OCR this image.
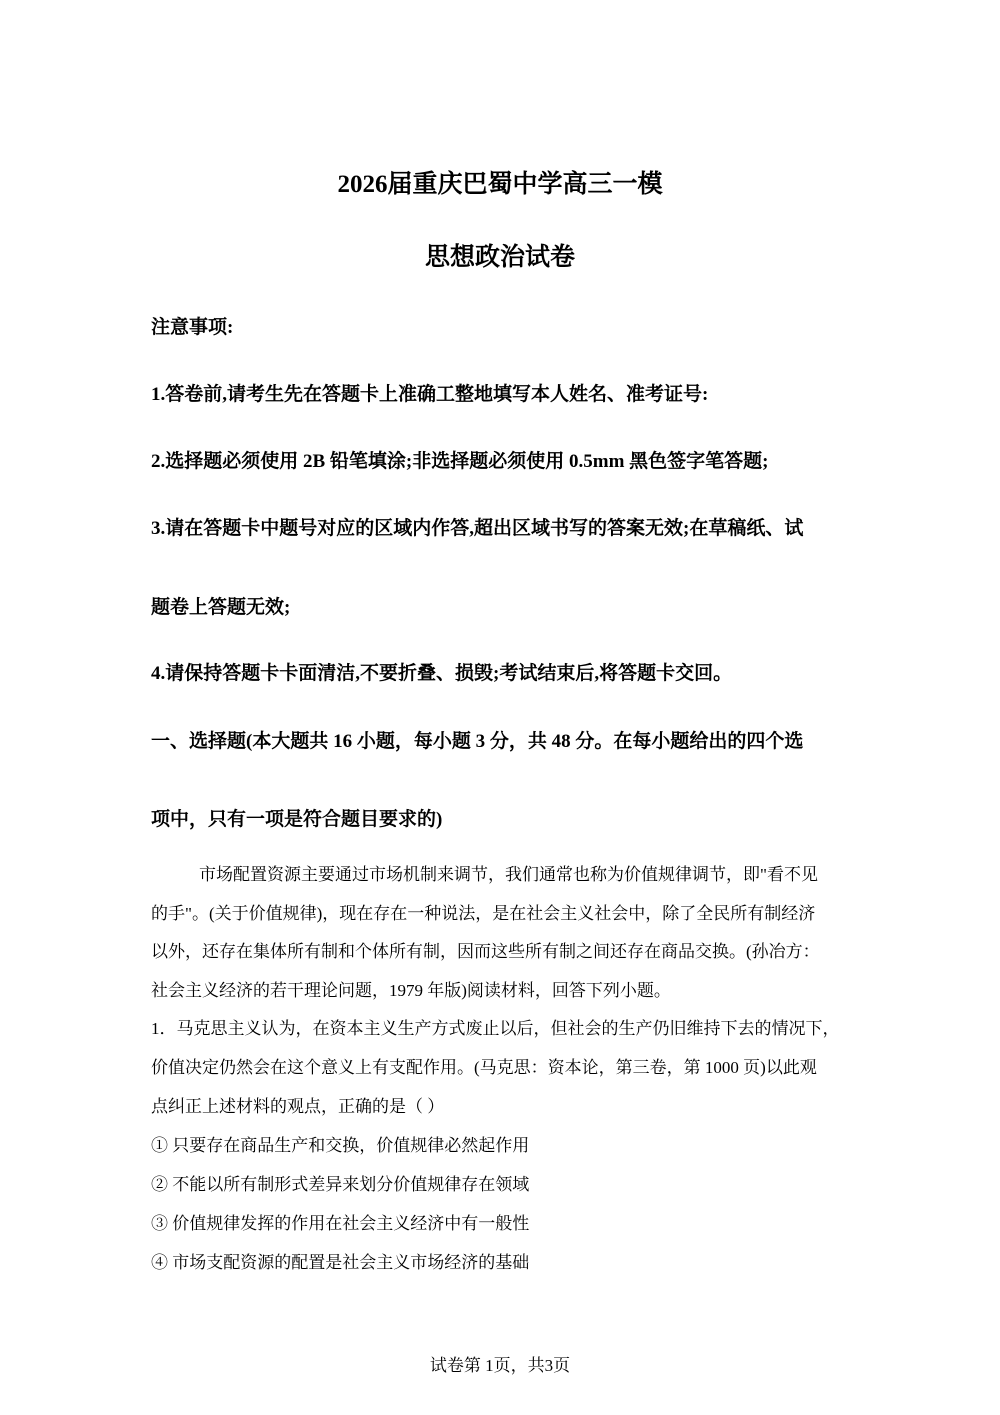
2026届重庆巴蜀中学高三一模
思想政治试卷
注意事项:
1.答卷前,请考生先在答题卡上准确工整地填写本人姓名、准考证号:
2.选择题必须使用 2B 铅笔填涂;非选择题必须使用 0.5mm 黑色签字笔答题;
3.请在答题卡中题号对应的区域内作答,超出区域书写的答案无效;在草稿纸、试
题卷上答题无效;
4.请保持答题卡卡面清洁,不要折叠、损毁;考试结束后,将答题卡交回。
一、选择题(本大题共 16 小题，每小题 3 分，共 48 分。在每小题给出的四个选
项中，只有一项是符合题目要求的)
市场配置资源主要通过市场机制来调节，我们通常也称为价值规律调节，即"看不见
的手"。(关于价值规律)，现在存在一种说法，是在社会主义社会中，除了全民所有制经济
以外，还存在集体所有制和个体所有制，因而这些所有制之间还存在商品交换。(孙冶方：
社会主义经济的若干理论问题，1979 年版)阅读材料，回答下列小题。
1．马克思主义认为，在资本主义生产方式废止以后，但社会的生产仍旧维持下去的情况下，
价值决定仍然会在这个意义上有支配作用。(马克思：资本论，第三卷，第 1000 页)以此观
点纠正上述材料的观点，正确的是（ ）
① 只要存在商品生产和交换，价值规律必然起作用
② 不能以所有制形式差异来划分价值规律存在领域
③ 价值规律发挥的作用在社会主义经济中有一般性
④ 市场支配资源的配置是社会主义市场经济的基础
试卷第 1页，共3页
